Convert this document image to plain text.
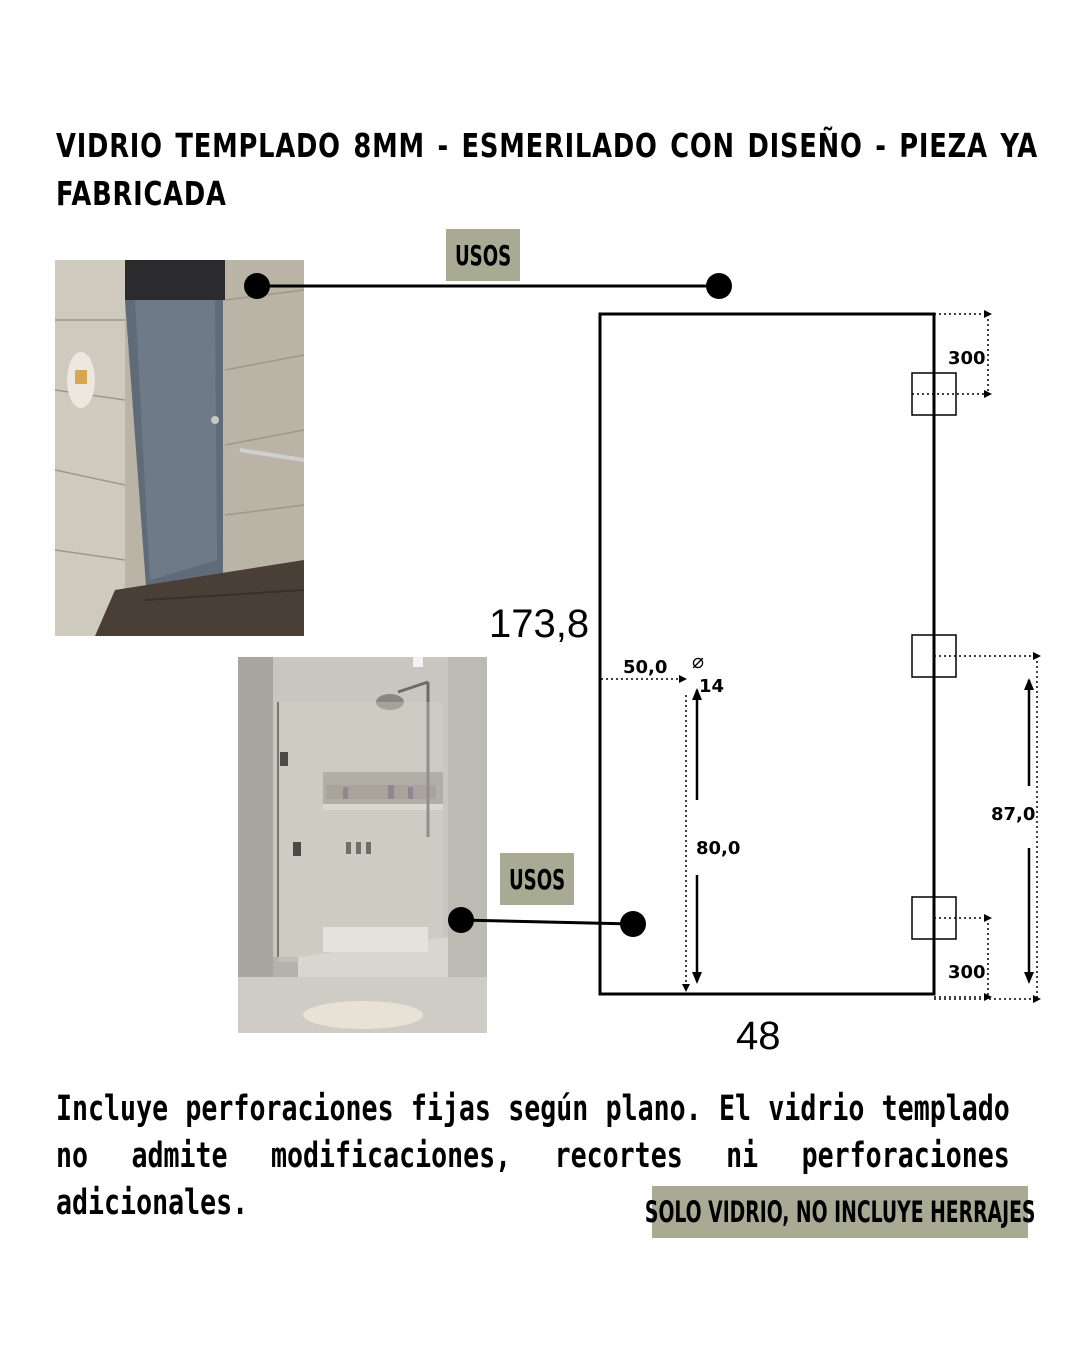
VIDRIO TEMPLADO 8MM - ESMERILADO CON DISEÑO - PIEZA YA FABRICADA
300
300
87,0
50,0 ⌀
14
80,0
173,8
48
USOS
USOS

Incluye perforaciones fijas según plano. El vidrio templado no admite modificaciones, recortes ni perforaciones adicionales.	SOLO VIDRIO, NO INCLUYE HERRAJES
